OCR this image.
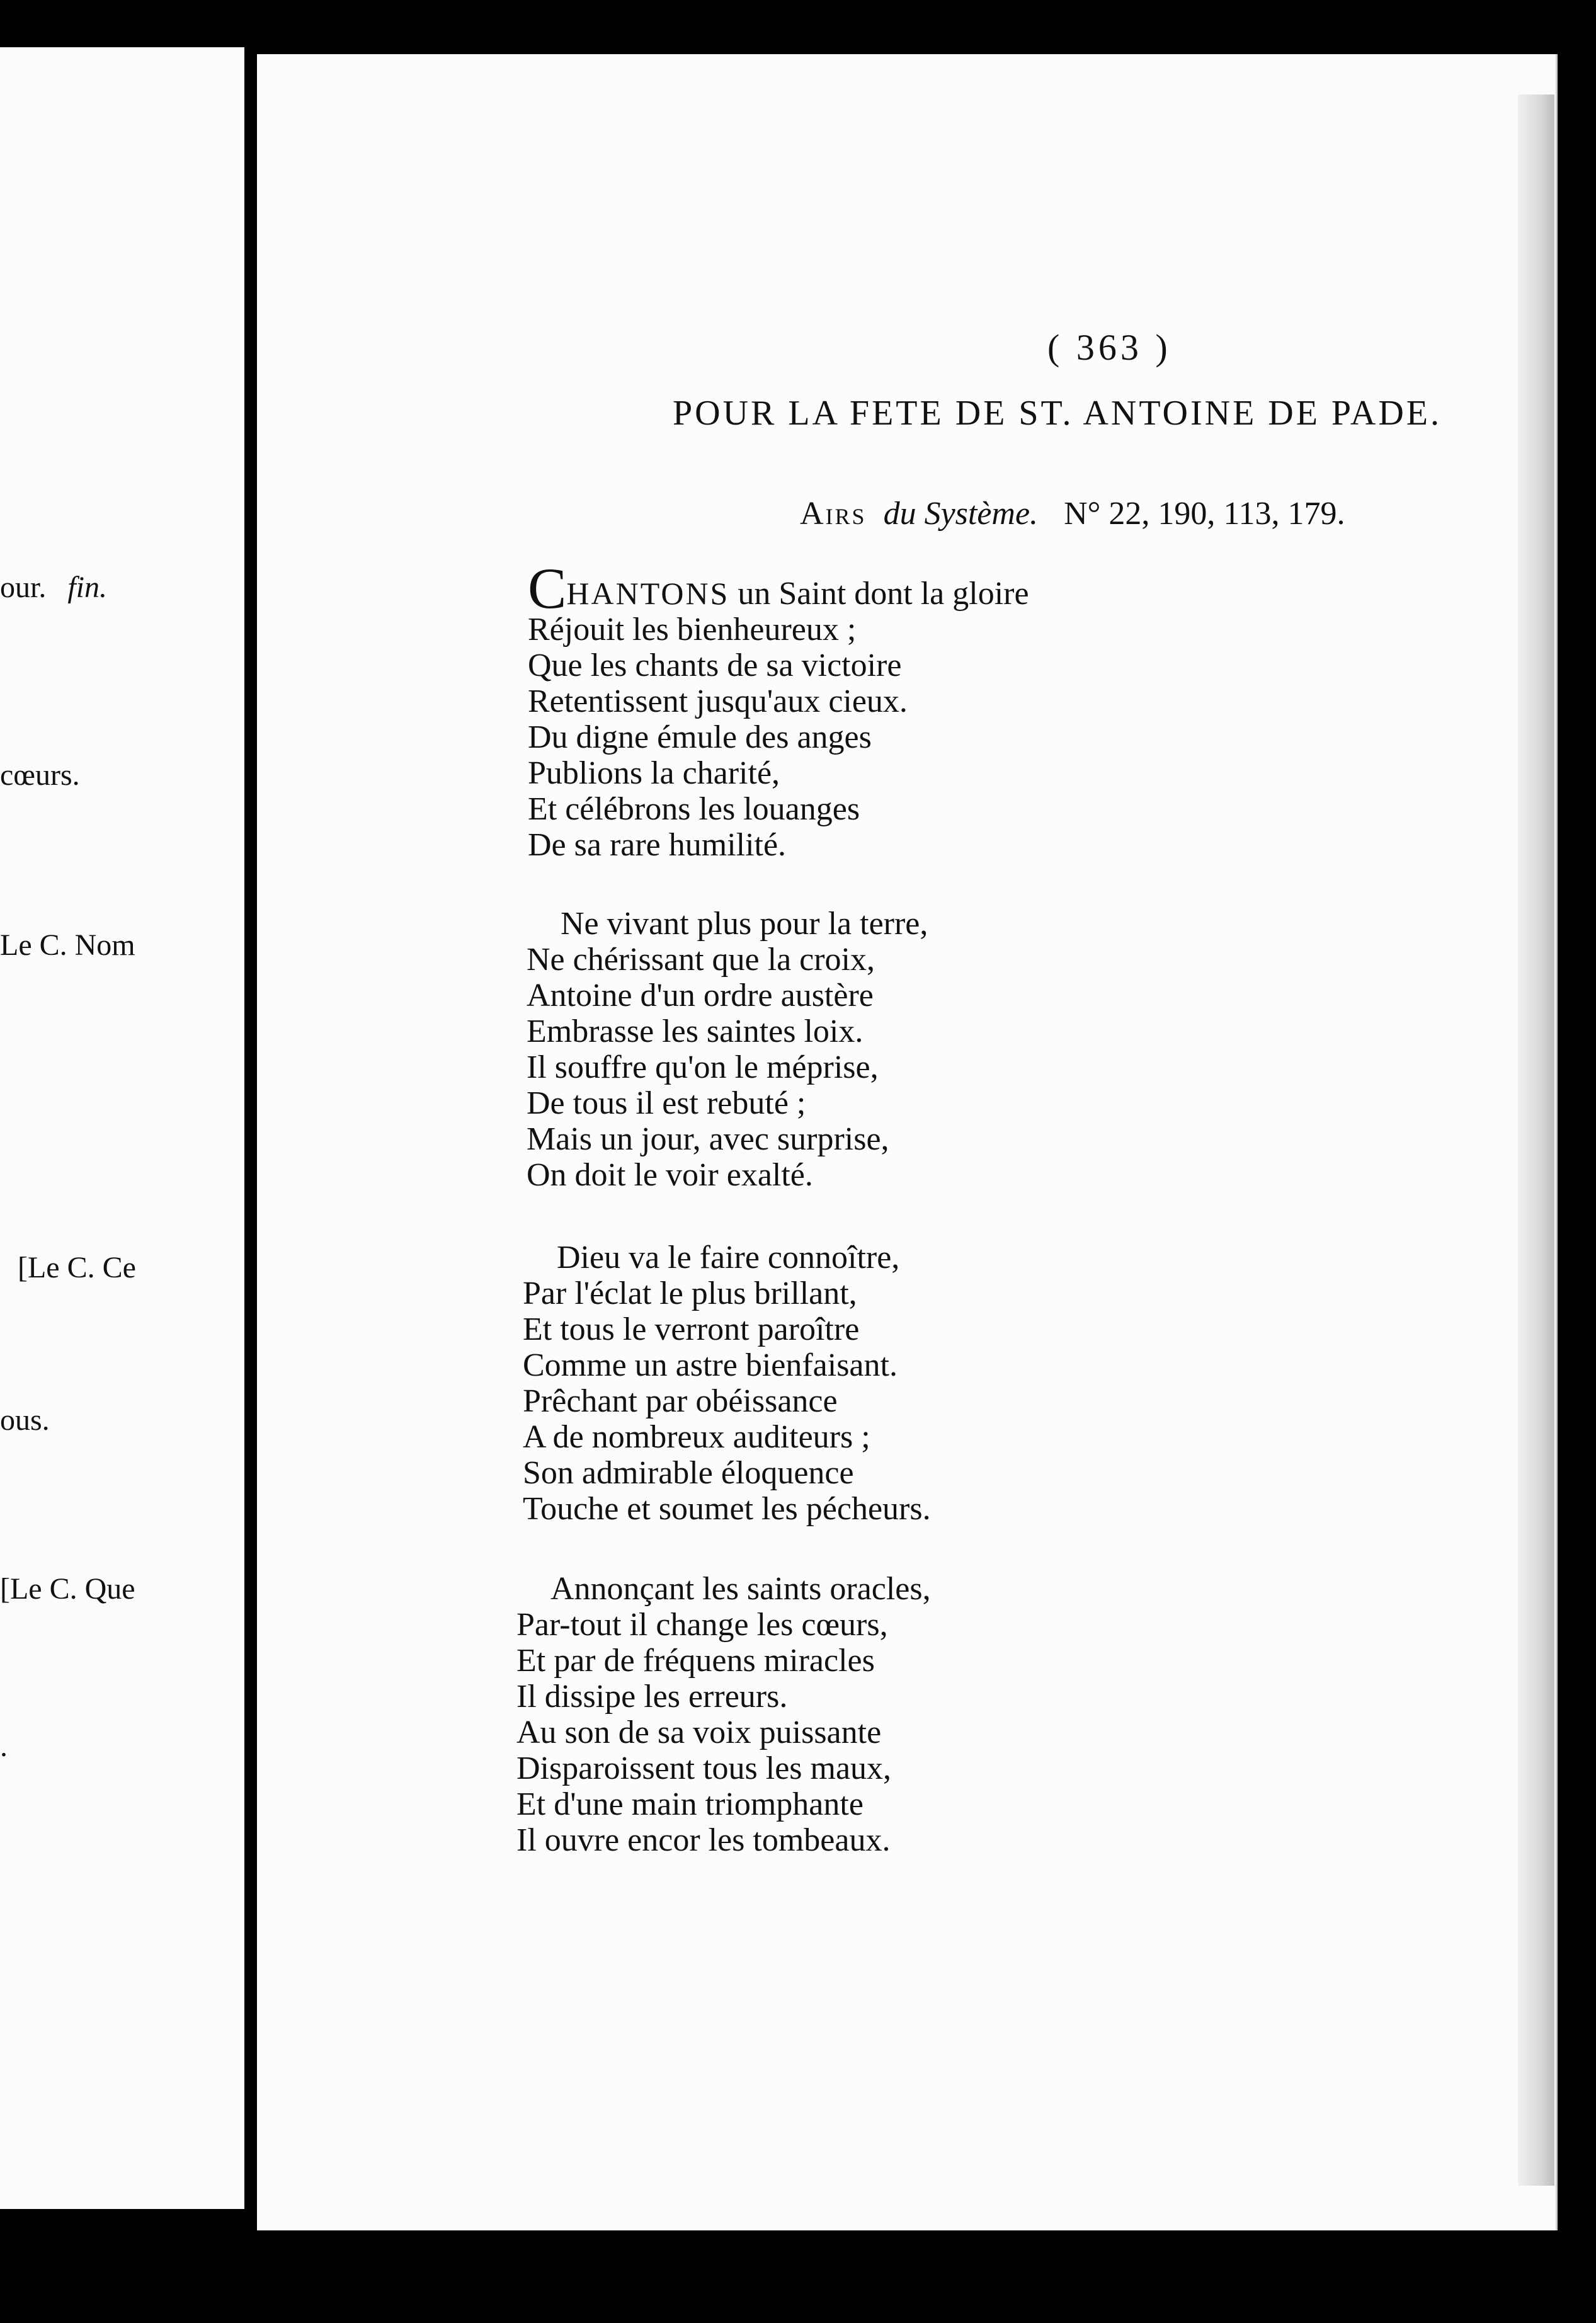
our. fin.
cœurs.
Le C. Nom
[Le C. Ce
ous.
[Le C. Que
.
( 363 )
POUR LA FETE DE ST. ANTOINE DE PADE.
Airs du Système. N° 22, 190, 113, 179.
CHANTONS un Saint dont la gloire
Réjouit les bienheureux ;
Que les chants de sa victoire
Retentissent jusqu'aux cieux.
Du digne émule des anges
Publions la charité,
Et célébrons les louanges
De sa rare humilité.
Ne vivant plus pour la terre,
Ne chérissant que la croix,
Antoine d'un ordre austère
Embrasse les saintes loix.
Il souffre qu'on le méprise,
De tous il est rebuté ;
Mais un jour, avec surprise,
On doit le voir exalté.
Dieu va le faire connoître,
Par l'éclat le plus brillant,
Et tous le verront paroître
Comme un astre bienfaisant.
Prêchant par obéissance
A de nombreux auditeurs ;
Son admirable éloquence
Touche et soumet les pécheurs.
Annonçant les saints oracles,
Par-tout il change les cœurs,
Et par de fréquens miracles
Il dissipe les erreurs.
Au son de sa voix puissante
Disparoissent tous les maux,
Et d'une main triomphante
Il ouvre encor les tombeaux.
